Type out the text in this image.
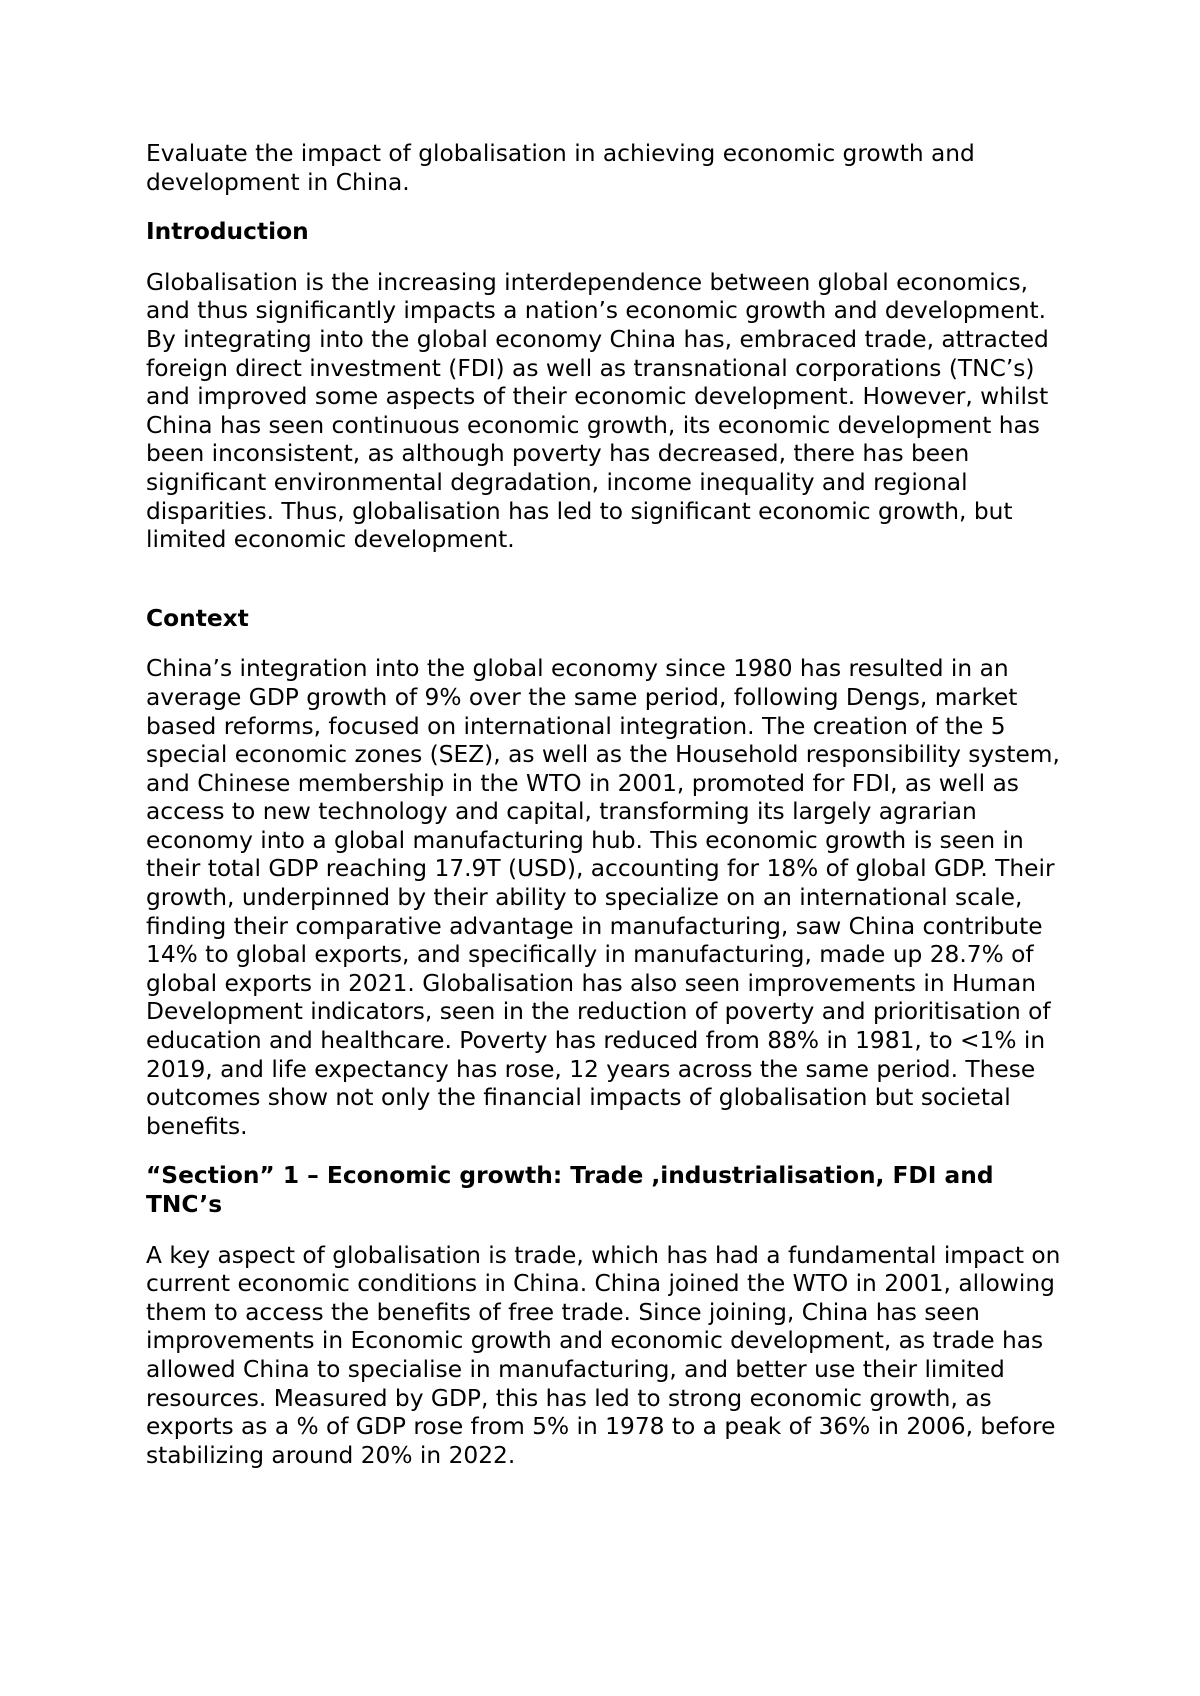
Evaluate the impact of globalisation in achieving economic growth and development in China.

Introduction

Globalisation is the increasing interdependence between global economics, and thus significantly impacts a nation’s economic growth and development. By integrating into the global economy China has, embraced trade, attracted foreign direct investment (FDI) as well as transnational corporations (TNC’s) and improved some aspects of their economic development. However, whilst China has seen continuous economic growth, its economic development has been inconsistent, as although poverty has decreased, there has been significant environmental degradation, income inequality and regional disparities. Thus, globalisation has led to significant economic growth, but limited economic development.

Context

China’s integration into the global economy since 1980 has resulted in an average GDP growth of 9% over the same period, following Dengs, market based reforms, focused on international integration. The creation of the 5 special economic zones (SEZ), as well as the Household responsibility system, and Chinese membership in the WTO in 2001, promoted for FDI, as well as access to new technology and capital, transforming its largely agrarian economy into a global manufacturing hub. This economic growth is seen in their total GDP reaching 17.9T (USD), accounting for 18% of global GDP. Their growth, underpinned by their ability to specialize on an international scale, finding their comparative advantage in manufacturing, saw China contribute 14% to global exports, and specifically in manufacturing, made up 28.7% of global exports in 2021. Globalisation has also seen improvements in Human Development indicators, seen in the reduction of poverty and prioritisation of education and healthcare. Poverty has reduced from 88% in 1981, to <1% in 2019, and life expectancy has rose, 12 years across the same period. These outcomes show not only the financial impacts of globalisation but societal benefits.

“Section” 1 – Economic growth: Trade ,industrialisation, FDI and TNC’s

A key aspect of globalisation is trade, which has had a fundamental impact on current economic conditions in China. China joined the WTO in 2001, allowing them to access the benefits of free trade. Since joining, China has seen improvements in Economic growth and economic development, as trade has allowed China to specialise in manufacturing, and better use their limited resources. Measured by GDP, this has led to strong economic growth, as exports as a % of GDP rose from 5% in 1978 to a peak of 36% in 2006, before stabilizing around 20% in 2022.
